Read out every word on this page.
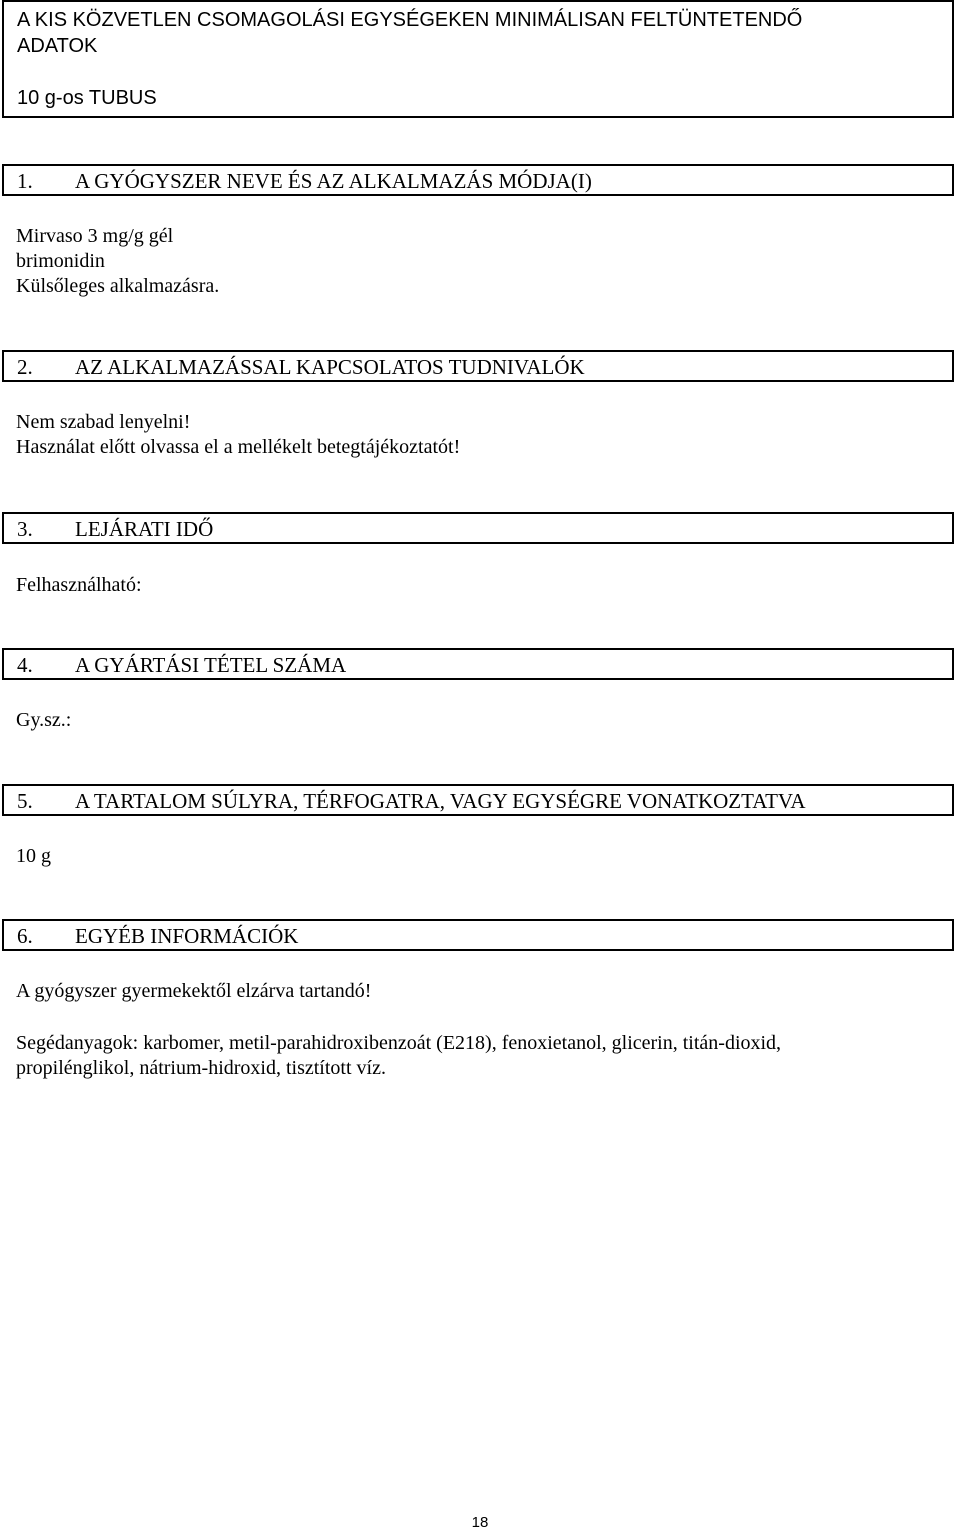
A KIS KÖZVETLEN CSOMAGOLÁSI EGYSÉGEKEN MINIMÁLISAN FELTÜNTETENDŐ
ADATOK
10 g-os TUBUS
1. A GYÓGYSZER NEVE ÉS AZ ALKALMAZÁS MÓDJA(I)
Mirvaso 3 mg/g gél
brimonidin
Külsőleges alkalmazásra.
2. AZ ALKALMAZÁSSAL KAPCSOLATOS TUDNIVALÓK
Nem szabad lenyelni!
Használat előtt olvassa el a mellékelt betegtájékoztatót!
3. LEJÁRATI IDŐ
Felhasználható:
4. A GYÁRTÁSI TÉTEL SZÁMA
Gy.sz.:
5. A TARTALOM SÚLYRA, TÉRFOGATRA, VAGY EGYSÉGRE VONATKOZTATVA
10 g
6. EGYÉB INFORMÁCIÓK
A gyógyszer gyermekektől elzárva tartandó!
Segédanyagok: karbomer, metil-parahidroxibenzoát (E218), fenoxietanol, glicerin, titán-dioxid,
propilénglikol, nátrium-hidroxid, tisztított víz.
18
